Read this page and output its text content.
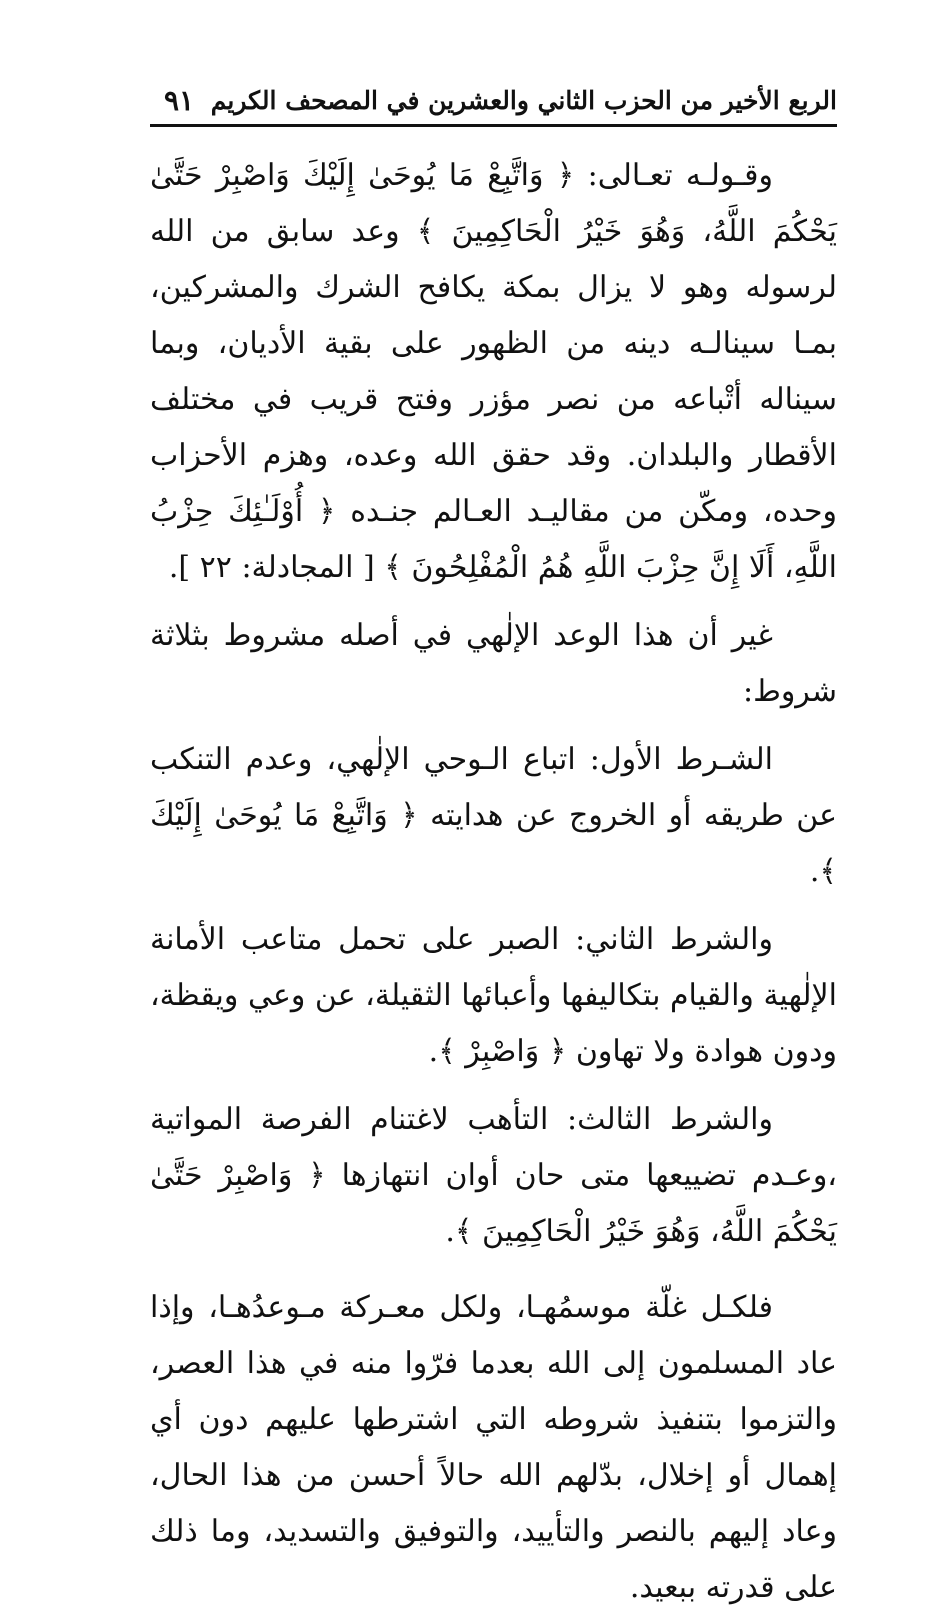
الربع الأخير من الحزب الثاني والعشرين في المصحف الكريم
٩١

وقـولـه تعـالى: ﴿ وَاتَّبِعْ مَا يُوحَىٰ إِلَيْكَ وَاصْبِرْ حَتَّىٰ يَحْكُمَ اللَّهُ، وَهُوَ خَيْرُ الْحَاكِمِينَ ﴾ وعد سابق من الله لرسوله وهو لا يزال بمكة يكافح الشرك والمشركين، بمـا سينالـه دينه من الظهور على بقية الأديان، وبما سيناله أتْباعه من نصر مؤزر وفتح قريب في مختلف الأقطار والبلدان. وقد حقق الله وعده، وهزم الأحزاب وحده، ومكّن من مقاليـد العـالم جنـده ﴿ أُوْلَـٰئِكَ حِزْبُ اللَّهِ، أَلَا إِنَّ حِزْبَ اللَّهِ هُمُ الْمُفْلِحُونَ ﴾ [ المجادلة: ٢٢ ].

غير أن هذا الوعد الإلٰهي في أصله مشروط بثلاثة شروط:

الشـرط الأول: اتباع الـوحي الإلٰهي، وعدم التنكب عن طريقه أو الخروج عن هدايته ﴿ وَاتَّبِعْ مَا يُوحَىٰ إِلَيْكَ ﴾.

والشرط الثاني: الصبر على تحمل متاعب الأمانة الإلٰهية والقيام بتكاليفها وأعبائها الثقيلة، عن وعي ويقظة، ودون هوادة ولا تهاون ﴿ وَاصْبِرْ ﴾.

والشرط الثالث: التأهب لاغتنام الفرصة المواتية ،وعـدم تضييعها متى حان أوان انتهازها ﴿ وَاصْبِرْ حَتَّىٰ يَحْكُمَ اللَّهُ، وَهُوَ خَيْرُ الْحَاكِمِينَ ﴾.

فلكـل غلّة موسمُهـا، ولكل معـركة مـوعدُهـا، وإذا عاد المسلمون إلى الله بعدما فرّوا منه في هذا العصر، والتزموا بتنفيذ شروطه التي اشترطها عليهم دون أي إهمال أو إخلال، بدّلهم الله حالاً أحسن من هذا الحال، وعاد إليهم بالنصر والتأييد، والتوفيق والتسديد، وما ذلك على قدرته ببعيد.
